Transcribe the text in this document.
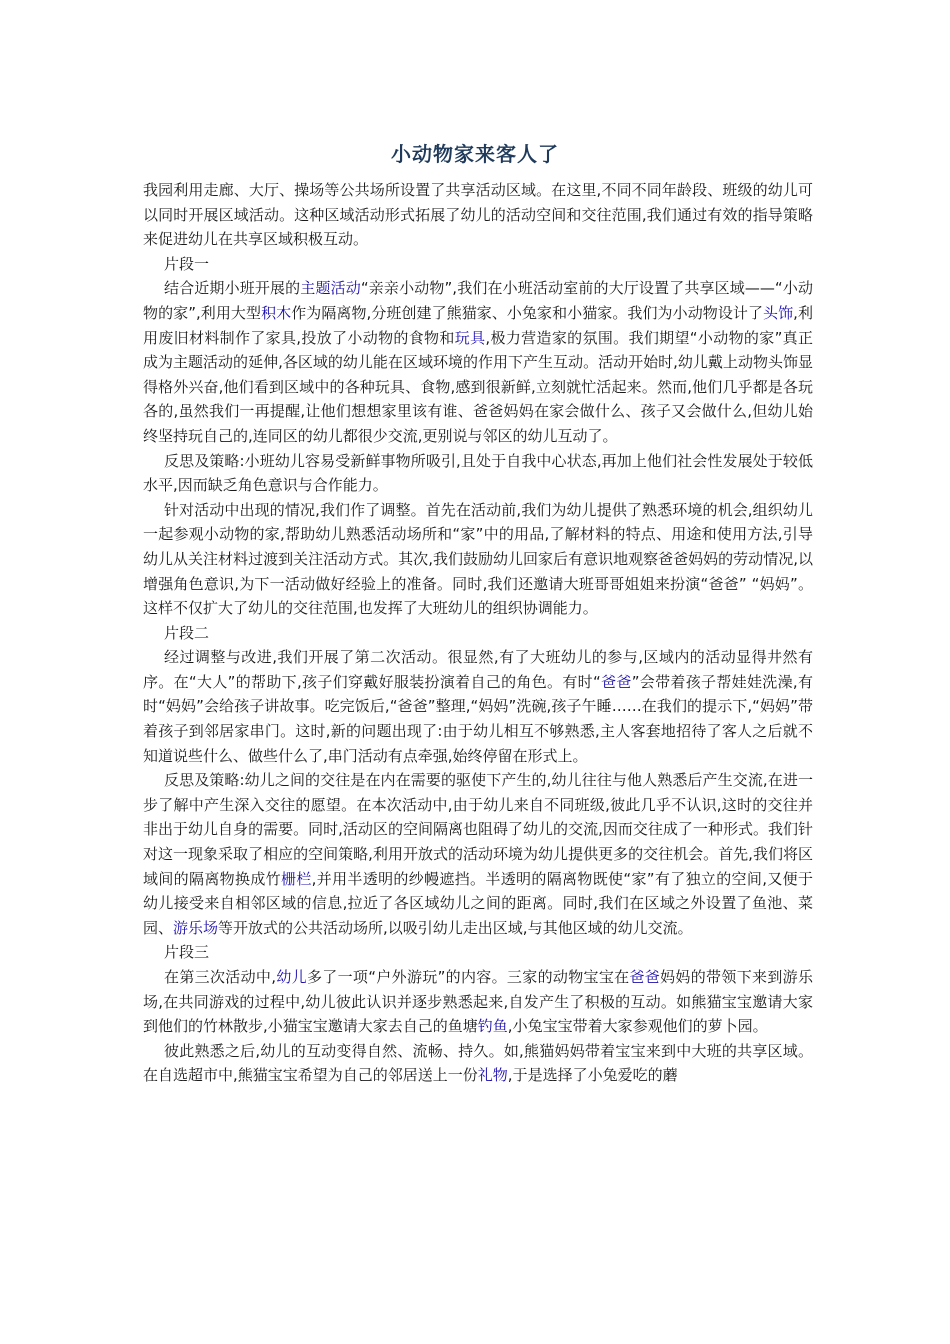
小动物家来客人了

我园利用走廊、大厅、操场等公共场所设置了共享活动区域。在这里,不同不同年龄段、班级的幼儿可以同时开展区域活动。这种区域活动形式拓展了幼儿的活动空间和交往范围,我们通过有效的指导策略来促进幼儿在共享区域积极互动。

片段一

结合近期小班开展的主题活动“亲亲小动物”,我们在小班活动室前的大厅设置了共享区域——“小动物的家”,利用大型积木作为隔离物,分班创建了熊猫家、小兔家和小猫家。我们为小动物设计了头饰,利用废旧材料制作了家具,投放了小动物的食物和玩具,极力营造家的氛围。我们期望“小动物的家”真正成为主题活动的延伸,各区域的幼儿能在区域环境的作用下产生互动。活动开始时,幼儿戴上动物头饰显得格外兴奋,他们看到区域中的各种玩具、食物,感到很新鲜,立刻就忙活起来。然而,他们几乎都是各玩各的,虽然我们一再提醒,让他们想想家里该有谁、爸爸妈妈在家会做什么、孩子又会做什么,但幼儿始终坚持玩自己的,连同区的幼儿都很少交流,更别说与邻区的幼儿互动了。

反思及策略:小班幼儿容易受新鲜事物所吸引,且处于自我中心状态,再加上他们社会性发展处于较低水平,因而缺乏角色意识与合作能力。

针对活动中出现的情况,我们作了调整。首先在活动前,我们为幼儿提供了熟悉环境的机会,组织幼儿一起参观小动物的家,帮助幼儿熟悉活动场所和“家”中的用品,了解材料的特点、用途和使用方法,引导幼儿从关注材料过渡到关注活动方式。其次,我们鼓励幼儿回家后有意识地观察爸爸妈妈的劳动情况,以增强角色意识,为下一活动做好经验上的准备。同时,我们还邀请大班哥哥姐姐来扮演“爸爸” “妈妈”。这样不仅扩大了幼儿的交往范围,也发挥了大班幼儿的组织协调能力。

片段二

经过调整与改进,我们开展了第二次活动。很显然,有了大班幼儿的参与,区域内的活动显得井然有序。在“大人”的帮助下,孩子们穿戴好服装扮演着自己的角色。有时“爸爸”会带着孩子帮娃娃洗澡,有时“妈妈”会给孩子讲故事。吃完饭后,“爸爸”整理,“妈妈”洗碗,孩子午睡……在我们的提示下,“妈妈”带着孩子到邻居家串门。这时,新的问题出现了:由于幼儿相互不够熟悉,主人客套地招待了客人之后就不知道说些什么、做些什么了,串门活动有点牵强,始终停留在形式上。

反思及策略:幼儿之间的交往是在内在需要的驱使下产生的,幼儿往往与他人熟悉后产生交流,在进一步了解中产生深入交往的愿望。在本次活动中,由于幼儿来自不同班级,彼此几乎不认识,这时的交往并非出于幼儿自身的需要。同时,活动区的空间隔离也阻碍了幼儿的交流,因而交往成了一种形式。我们针对这一现象采取了相应的空间策略,利用开放式的活动环境为幼儿提供更多的交往机会。首先,我们将区域间的隔离物换成竹栅栏,并用半透明的纱幔遮挡。半透明的隔离物既使“家”有了独立的空间,又便于幼儿接受来自相邻区域的信息,拉近了各区域幼儿之间的距离。同时,我们在区域之外设置了鱼池、菜园、游乐场等开放式的公共活动场所,以吸引幼儿走出区域,与其他区域的幼儿交流。

片段三

在第三次活动中,幼儿多了一项“户外游玩”的内容。三家的动物宝宝在爸爸妈妈的带领下来到游乐场,在共同游戏的过程中,幼儿彼此认识并逐步熟悉起来,自发产生了积极的互动。如熊猫宝宝邀请大家到他们的竹林散步,小猫宝宝邀请大家去自己的鱼塘钓鱼,小兔宝宝带着大家参观他们的萝卜园。

彼此熟悉之后,幼儿的互动变得自然、流畅、持久。如,熊猫妈妈带着宝宝来到中大班的共享区域。在自选超市中,熊猫宝宝希望为自己的邻居送上一份礼物,于是选择了小兔爱吃的蘑
